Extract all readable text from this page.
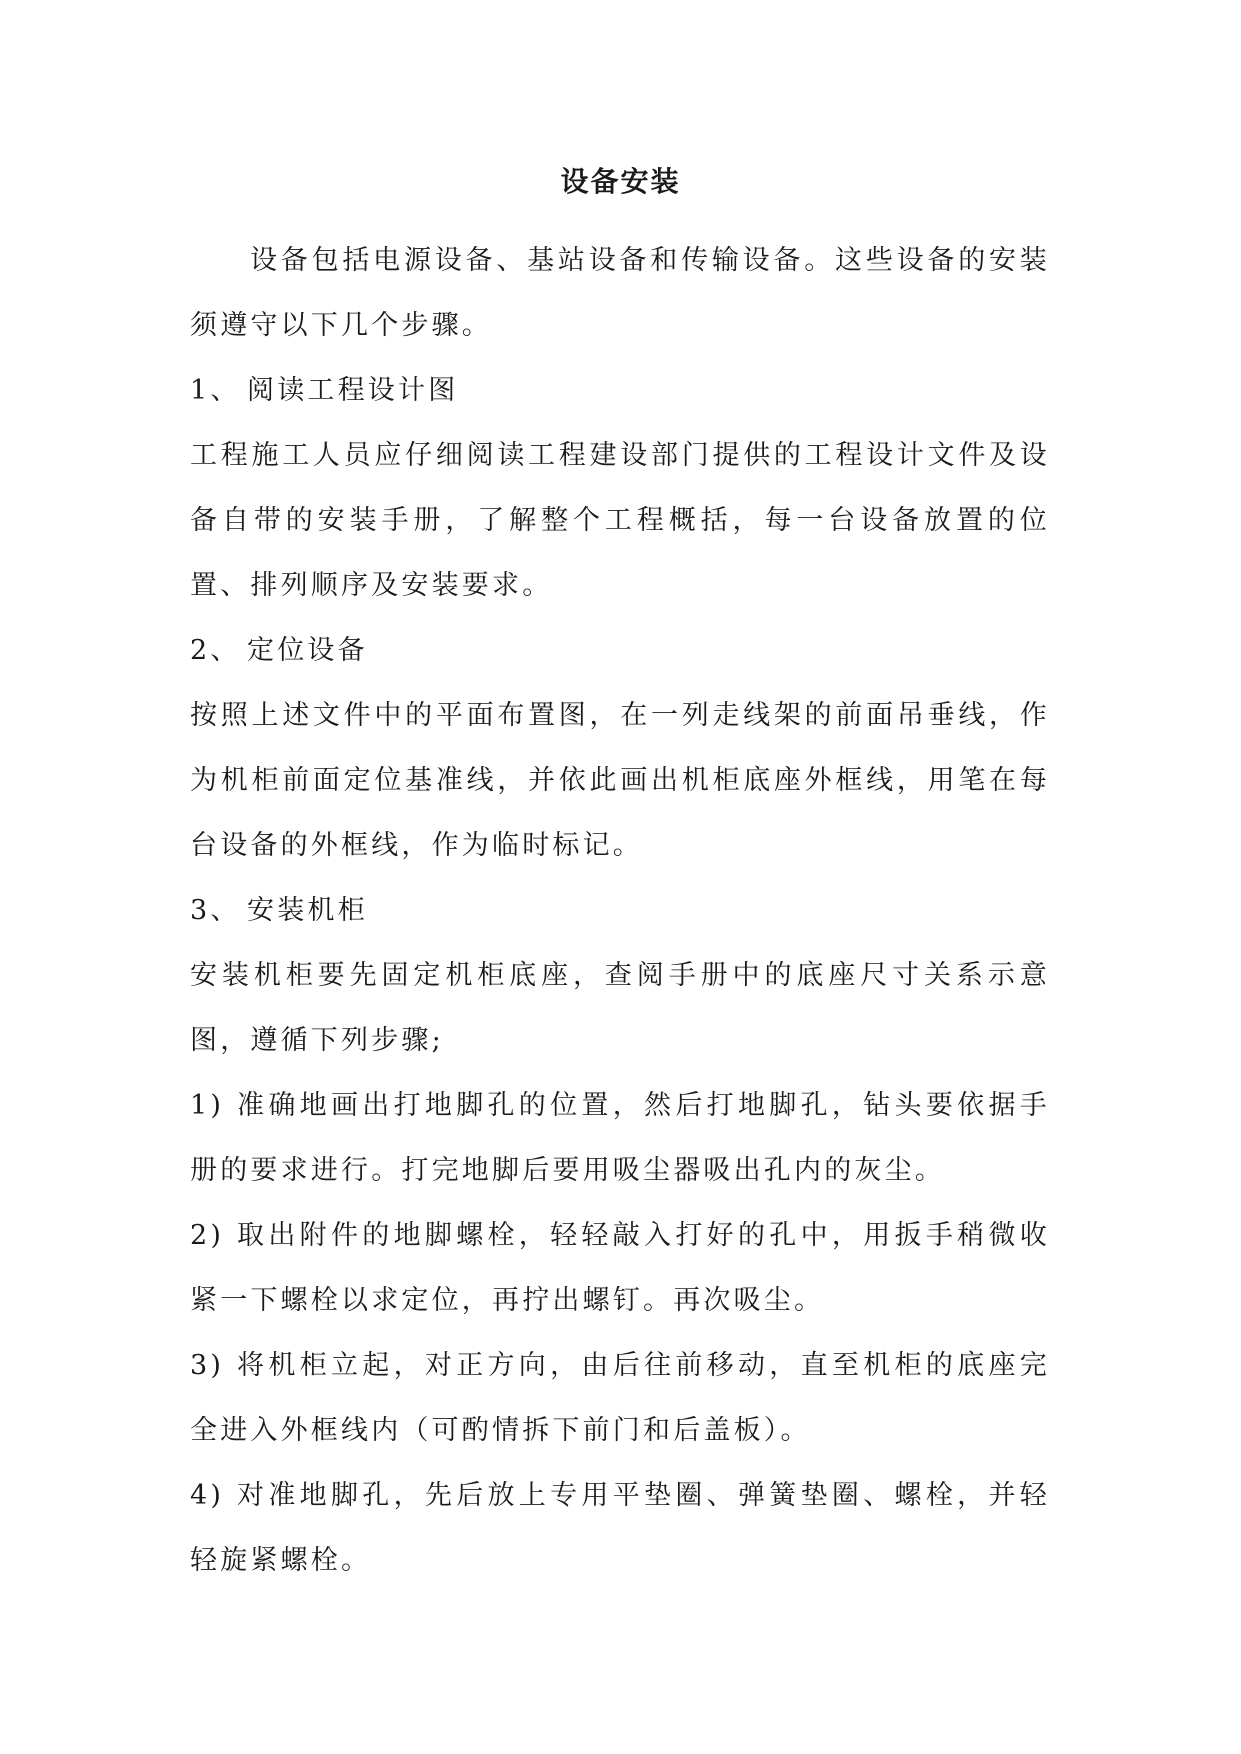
设备安装

设备包括电源设备、基站设备和传输设备。这些设备的安装须遵守以下几个步骤。

1、 阅读工程设计图

工程施工人员应仔细阅读工程建设部门提供的工程设计文件及设备自带的安装手册，了解整个工程概括，每一台设备放置的位置、排列顺序及安装要求。

2、 定位设备

按照上述文件中的平面布置图，在一列走线架的前面吊垂线，作为机柜前面定位基准线，并依此画出机柜底座外框线，用笔在每台设备的外框线，作为临时标记。

3、 安装机柜

安装机柜要先固定机柜底座，查阅手册中的底座尺寸关系示意图，遵循下列步骤;

1) 准确地画出打地脚孔的位置，然后打地脚孔，钻头要依据手册的要求进行。打完地脚后要用吸尘器吸出孔内的灰尘。

2) 取出附件的地脚螺栓，轻轻敲入打好的孔中，用扳手稍微收紧一下螺栓以求定位，再拧出螺钉。再次吸尘。

3) 将机柜立起，对正方向，由后往前移动，直至机柜的底座完全进入外框线内（可酌情拆下前门和后盖板）。

4) 对准地脚孔，先后放上专用平垫圈、弹簧垫圈、螺栓，并轻轻旋紧螺栓。
